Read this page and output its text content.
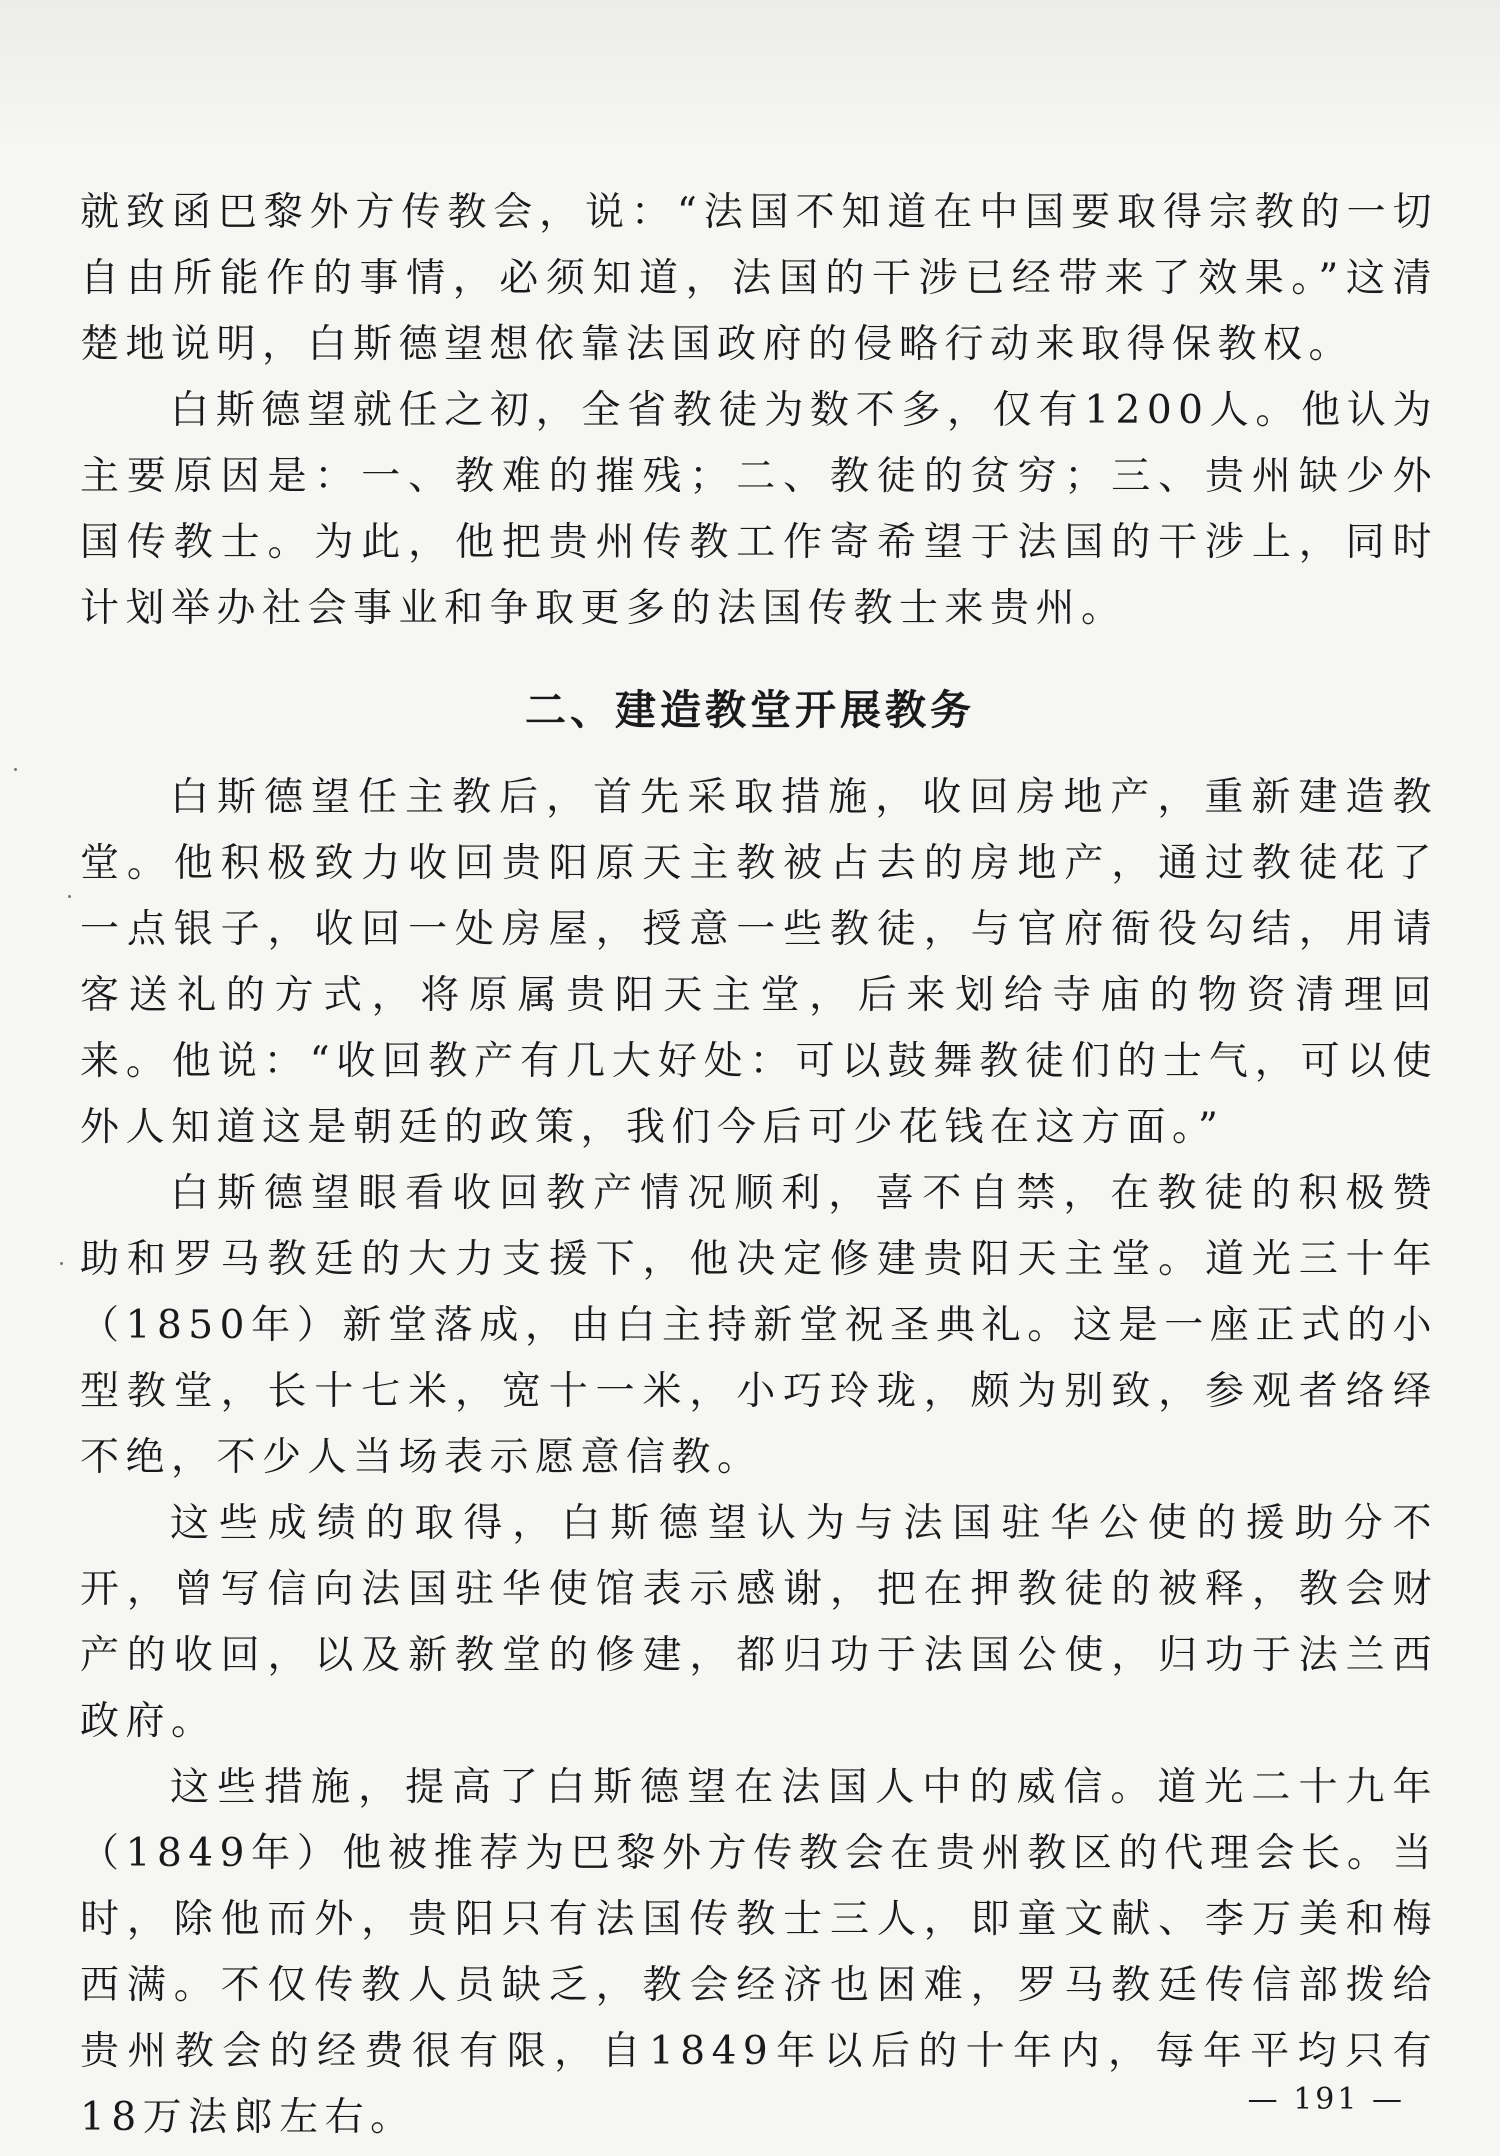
就致函巴黎外方传教会，说：“法国不知道在中国要取得宗教的一切自由所能作的事情，必须知道，法国的干涉已经带来了效果。”这清楚地说明，白斯德望想依靠法国政府的侵略行动来取得保教权。

白斯德望就任之初，全省教徒为数不多，仅有1200人。他认为主要原因是：一、教难的摧残；二、教徒的贫穷；三、贵州缺少外国传教士。为此，他把贵州传教工作寄希望于法国的干涉上，同时计划举办社会事业和争取更多的法国传教士来贵州。

二、建造教堂开展教务

白斯德望任主教后，首先采取措施，收回房地产，重新建造教堂。他积极致力收回贵阳原天主教被占去的房地产，通过教徒花了一点银子，收回一处房屋，授意一些教徒，与官府衙役勾结，用请客送礼的方式，将原属贵阳天主堂，后来划给寺庙的物资清理回来。他说：“收回教产有几大好处：可以鼓舞教徒们的士气，可以使外人知道这是朝廷的政策，我们今后可少花钱在这方面。”

白斯德望眼看收回教产情况顺利，喜不自禁，在教徒的积极赞助和罗马教廷的大力支援下，他决定修建贵阳天主堂。道光三十年（1850年）新堂落成，由白主持新堂祝圣典礼。这是一座正式的小型教堂，长十七米，宽十一米，小巧玲珑，颇为别致，参观者络绎不绝，不少人当场表示愿意信教。

这些成绩的取得，白斯德望认为与法国驻华公使的援助分不开，曾写信向法国驻华使馆表示感谢，把在押教徒的被释，教会财产的收回，以及新教堂的修建，都归功于法国公使，归功于法兰西政府。

这些措施，提高了白斯德望在法国人中的威信。道光二十九年（1849年）他被推荐为巴黎外方传教会在贵州教区的代理会长。当时，除他而外，贵阳只有法国传教士三人，即童文献、李万美和梅西满。不仅传教人员缺乏，教会经济也困难，罗马教廷传信部拨给贵州教会的经费很有限，自1849年以后的十年内，每年平均只有18万法郎左右。	— 191 —
